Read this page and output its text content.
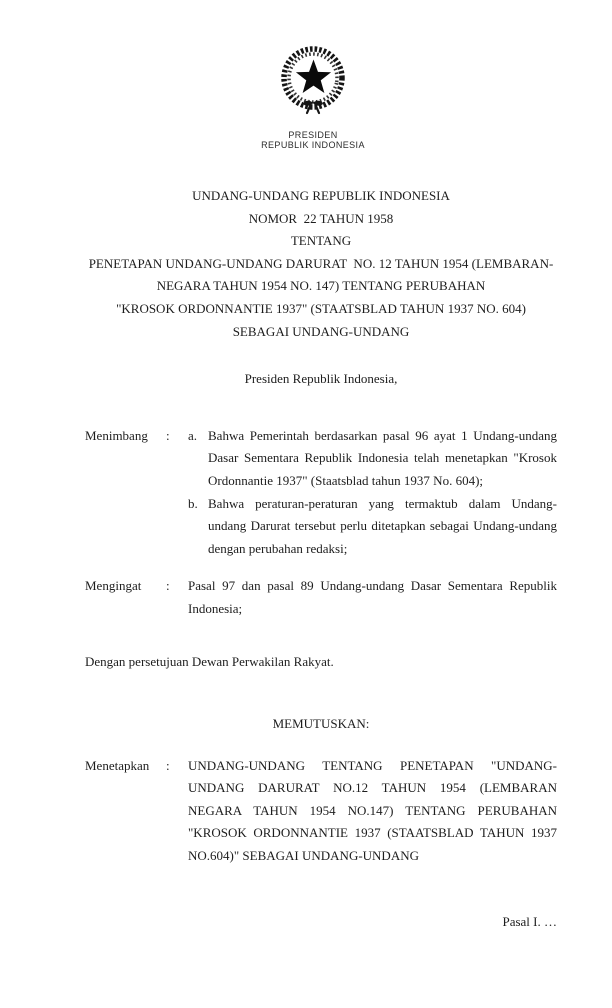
PRESIDEN
REPUBLIK INDONESIA
UNDANG-UNDANG REPUBLIK INDONESIA
NOMOR  22 TAHUN 1958
TENTANG
PENETAPAN UNDANG-UNDANG DARURAT  NO. 12 TAHUN 1954 (LEMBARAN-
NEGARA TAHUN 1954 NO. 147) TENTANG PERUBAHAN
"KROSOK ORDONNANTIE 1937" (STAATSBLAD TAHUN 1937 NO. 604)
SEBAGAI UNDANG-UNDANG
Presiden Republik Indonesia,
Menimbang	:	a. Bahwa Pemerintah berdasarkan pasal 96 ayat 1 Undang-undang
Dasar Sementara Republik Indonesia telah menetapkan "Krosok
Ordonnantie 1937" (Staatsblad tahun 1937 No. 604);
b. Bahwa peraturan-peraturan yang termaktub dalam Undang-
undang Darurat tersebut perlu ditetapkan sebagai Undang-undang
dengan perubahan redaksi;
Mengingat	:	Pasal 97 dan pasal 89 Undang-undang Dasar Sementara Republik
Indonesia;
Dengan persetujuan Dewan Perwakilan Rakyat.
MEMUTUSKAN:
Menetapkan	:	UNDANG-UNDANG TENTANG PENETAPAN "UNDANG-
UNDANG DARURAT NO.12 TAHUN 1954 (LEMBARAN
NEGARA TAHUN 1954 NO.147) TENTANG PERUBAHAN
"KROSOK ORDONNANTIE 1937 (STAATSBLAD TAHUN 1937
NO.604)" SEBAGAI UNDANG-UNDANG
Pasal I. …
